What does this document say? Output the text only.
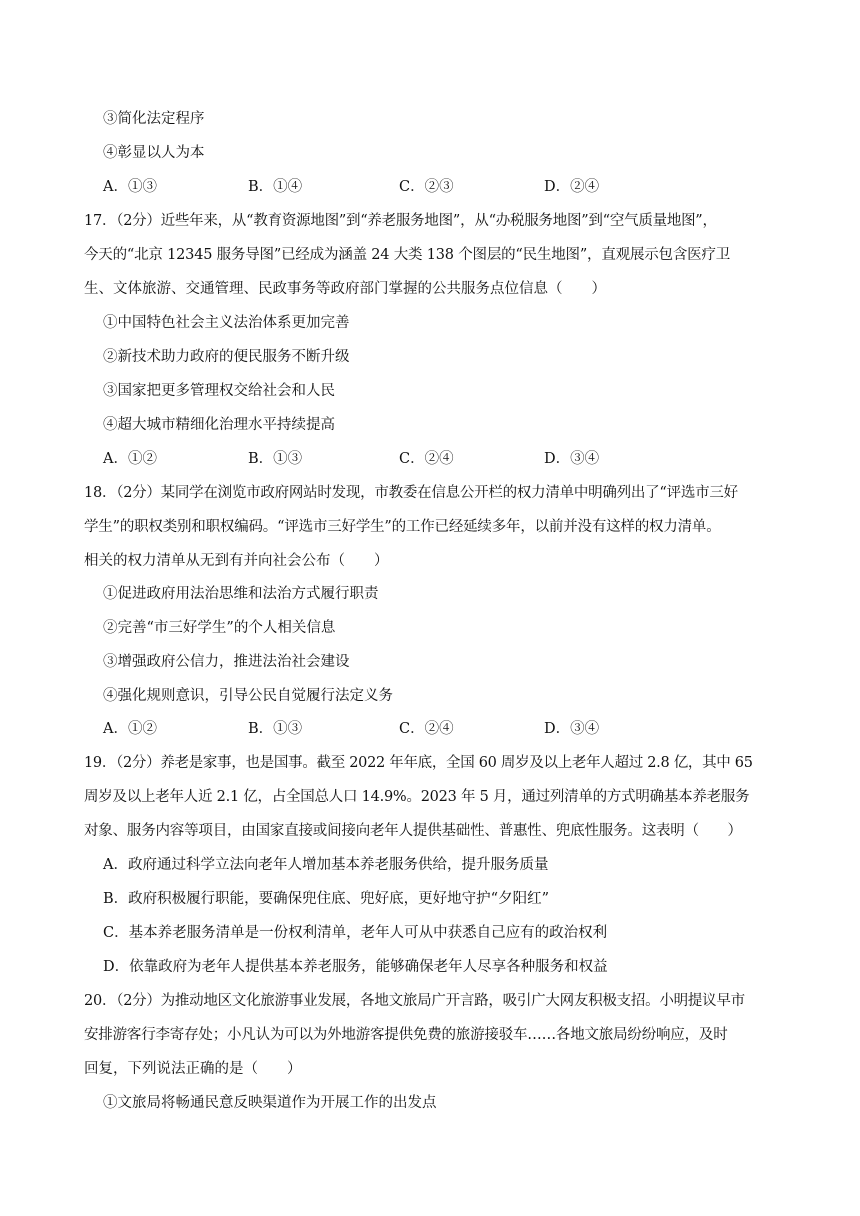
③简化法定程序
④彰显以人为本
A．①③	B．①④	C．②③	D．②④
17．（2分）近些年来，从“教育资源地图”到“养老服务地图”，从“办税服务地图”到“空气质量地图”，
今天的“北京 12345 服务导图”已经成为涵盖 24 大类 138 个图层的“民生地图”，直观展示包含医疗卫
生、文体旅游、交通管理、民政事务等政府部门掌握的公共服务点位信息（　　）
①中国特色社会主义法治体系更加完善
②新技术助力政府的便民服务不断升级
③国家把更多管理权交给社会和人民
④超大城市精细化治理水平持续提高
A．①②	B．①③	C．②④	D．③④
18．（2分）某同学在浏览市政府网站时发现，市教委在信息公开栏的权力清单中明确列出了“评选市三好
学生”的职权类别和职权编码。“评选市三好学生”的工作已经延续多年，以前并没有这样的权力清单。
相关的权力清单从无到有并向社会公布（　　）
①促进政府用法治思维和法治方式履行职责
②完善“市三好学生”的个人相关信息
③增强政府公信力，推进法治社会建设
④强化规则意识，引导公民自觉履行法定义务
A．①②	B．①③	C．②④	D．③④
19．（2分）养老是家事，也是国事。截至 2022 年年底，全国 60 周岁及以上老年人超过 2.8 亿，其中 65
周岁及以上老年人近 2.1 亿，占全国总人口 14.9%。2023 年 5 月，通过列清单的方式明确基本养老服务
对象、服务内容等项目，由国家直接或间接向老年人提供基础性、普惠性、兜底性服务。这表明（　　）
A．政府通过科学立法向老年人增加基本养老服务供给，提升服务质量
B．政府积极履行职能，要确保兜住底、兜好底，更好地守护“夕阳红”
C．基本养老服务清单是一份权利清单，老年人可从中获悉自己应有的政治权利
D．依靠政府为老年人提供基本养老服务，能够确保老年人尽享各种服务和权益
20．（2分）为推动地区文化旅游事业发展，各地文旅局广开言路，吸引广大网友积极支招。小明提议早市
安排游客行李寄存处；小凡认为可以为外地游客提供免费的旅游接驳车……各地文旅局纷纷响应，及时
回复，下列说法正确的是（　　）
①文旅局将畅通民意反映渠道作为开展工作的出发点
